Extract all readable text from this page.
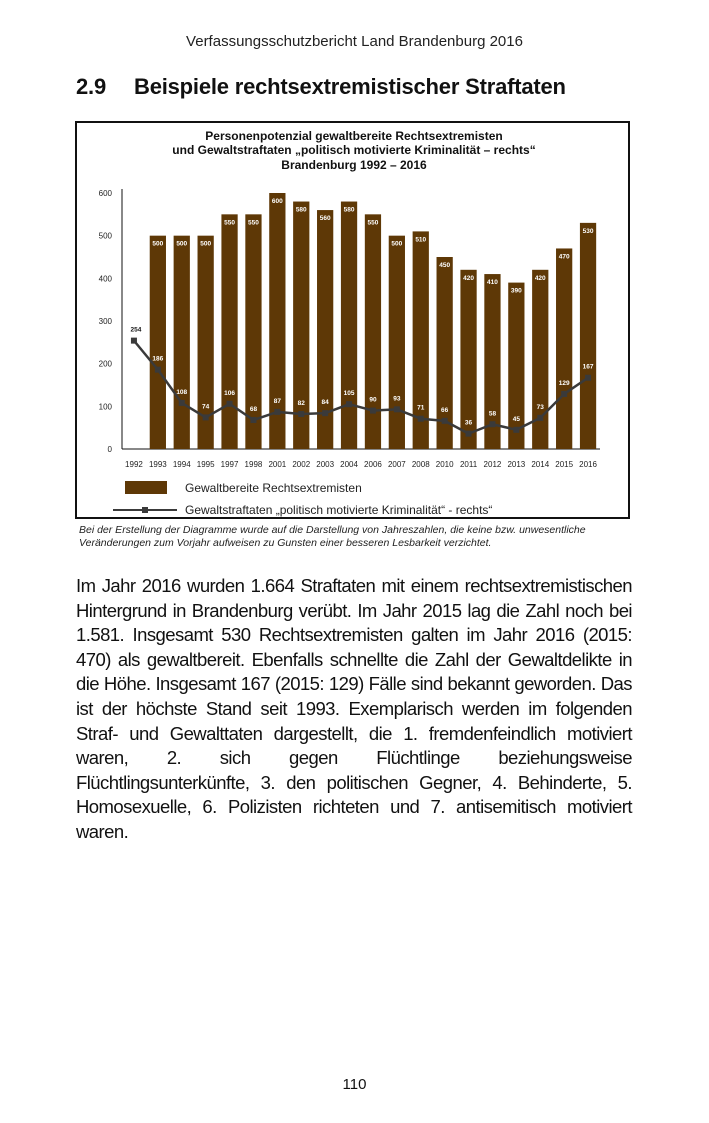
Verfassungsschutzbericht Land Brandenburg 2016
2.9 Beispiele rechtsextremistischer Straftaten
Personenpotenzial gewaltbereite Rechtsextremisten
und Gewaltstraftaten „politisch motivierte Kriminalität – rechts“
Brandenburg 1992 – 2016
0
100
200
300
400
500
600
500 500 500
550 550
600
580
560
580
550
500
510
450
420
410
390
420
470
530
1992 1993 1994 1995 1997 1998 2001 2002 2003 2004 2006 2007 2008 2010 2011 2012 2013 2014 2015 2016
254
186
108
74
106
68
87	82	84
105
90	93
71	66
36
58
45
73
129
167
Gewaltbereite Rechtsextremisten
Gewaltstraftaten „politisch motivierte Kriminalität“ - rechts“
Bei der Erstellung der Diagramme wurde auf die Darstellung von Jahreszahlen, die keine bzw. unwesentliche Veränderungen zum Vorjahr aufweisen zu Gunsten einer besseren Lesbarkeit verzichtet.
Im Jahr 2016 wurden 1.664 Straftaten mit einem rechtsextremistischen Hintergrund in Brandenburg verübt. Im Jahr 2015 lag die Zahl noch bei 1.581. Insgesamt 530 Rechtsextremisten galten im Jahr 2016 (2015: 470) als gewaltbereit. Ebenfalls schnellte die Zahl der Gewaltdelikte in die Höhe. Insgesamt 167 (2015: 129) Fälle sind bekannt geworden. Das ist der höchste Stand seit 1993. Exemplarisch werden im folgenden Straf- und Gewalttaten dargestellt, die 1. fremdenfeindlich motiviert waren, 2. sich gegen Flüchtlinge beziehungsweise Flüchtlingsunterkünfte, 3. den politischen Gegner, 4. Behinderte, 5. Homosexuelle, 6. Polizisten richteten und 7. antisemitisch motiviert waren.
110
